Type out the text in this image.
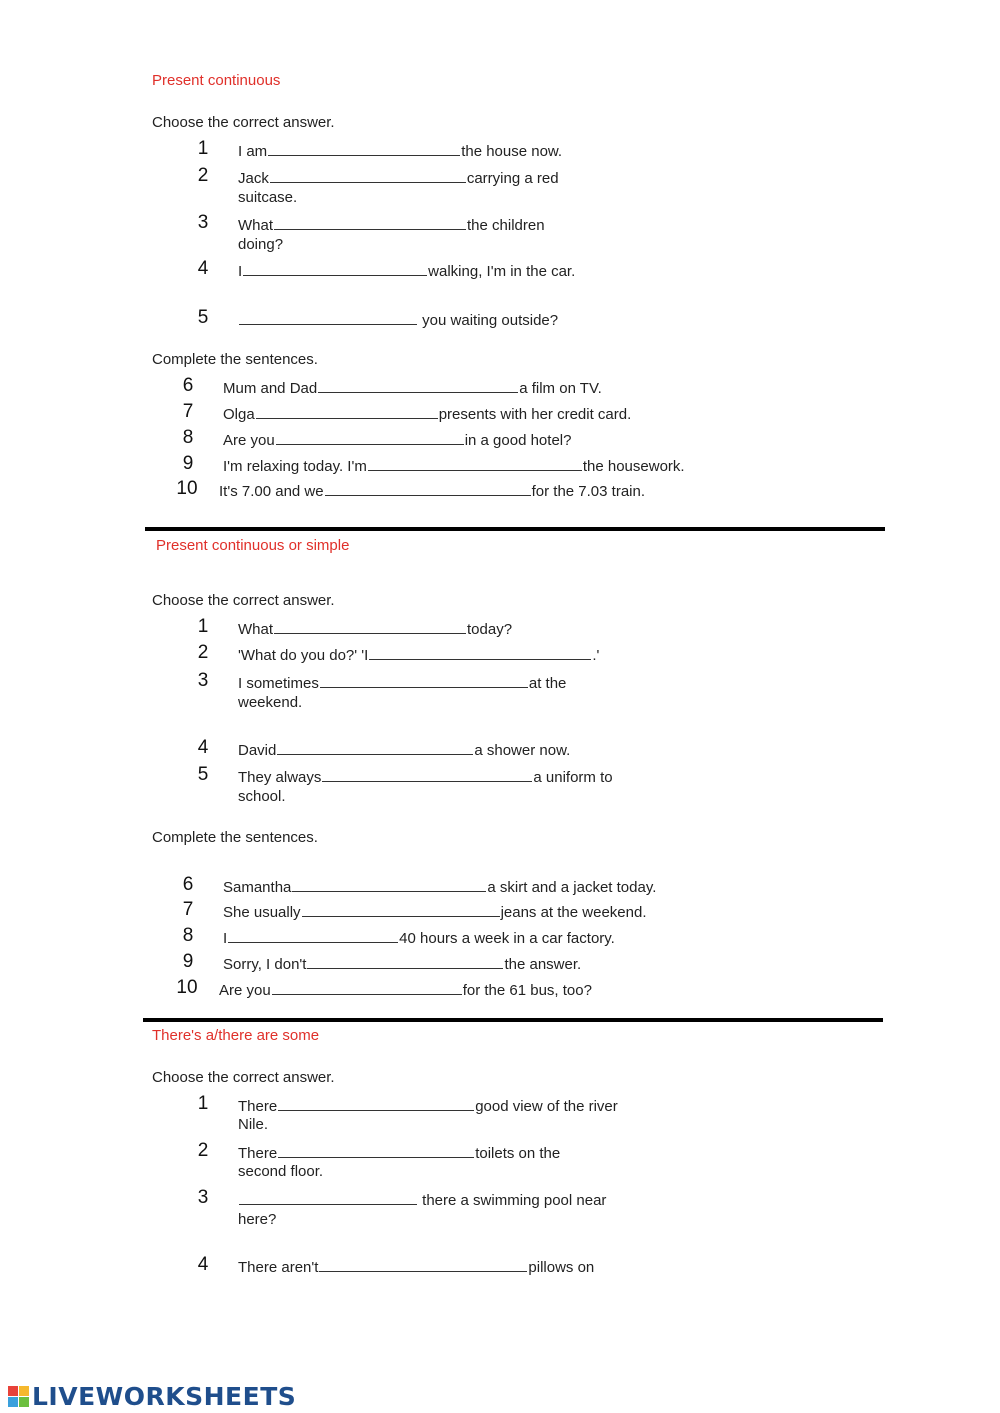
Present continuous
Choose the correct answer.
1	I am	the house now.
2	Jack	carrying a red
suitcase.
3	What	the children
doing?
4	I	walking, I'm in the car.
5	you waiting outside?
Complete the sentences.
6	Mum and Dad	a film on TV.
7	Olga	presents with her credit card.
8	Are you	in a good hotel?
9	I'm relaxing today. I'm	the housework.
10 It's 7.00 and we	for the 7.03 train.
Present continuous or simple
Choose the correct answer.
1	What	today?
2	'What do you do?' 'I	.'
3	I sometimes	at the
weekend.
4	David	a shower now.
5	They always	a uniform to
school.
Complete the sentences.
6	Samantha	a skirt and a jacket today.
7	She usually	jeans at the weekend.
8	I	40 hours a week in a car factory.
9	Sorry, I don't	the answer.
10 Are you	for the 61 bus, too?
There's a/there are some
Choose the correct answer.
1	There	good view of the river
Nile.
2	There	toilets on the
second floor.
3	there a swimming pool near
here?
4	There aren't	pillows on
LIVEWORKSHEETS
